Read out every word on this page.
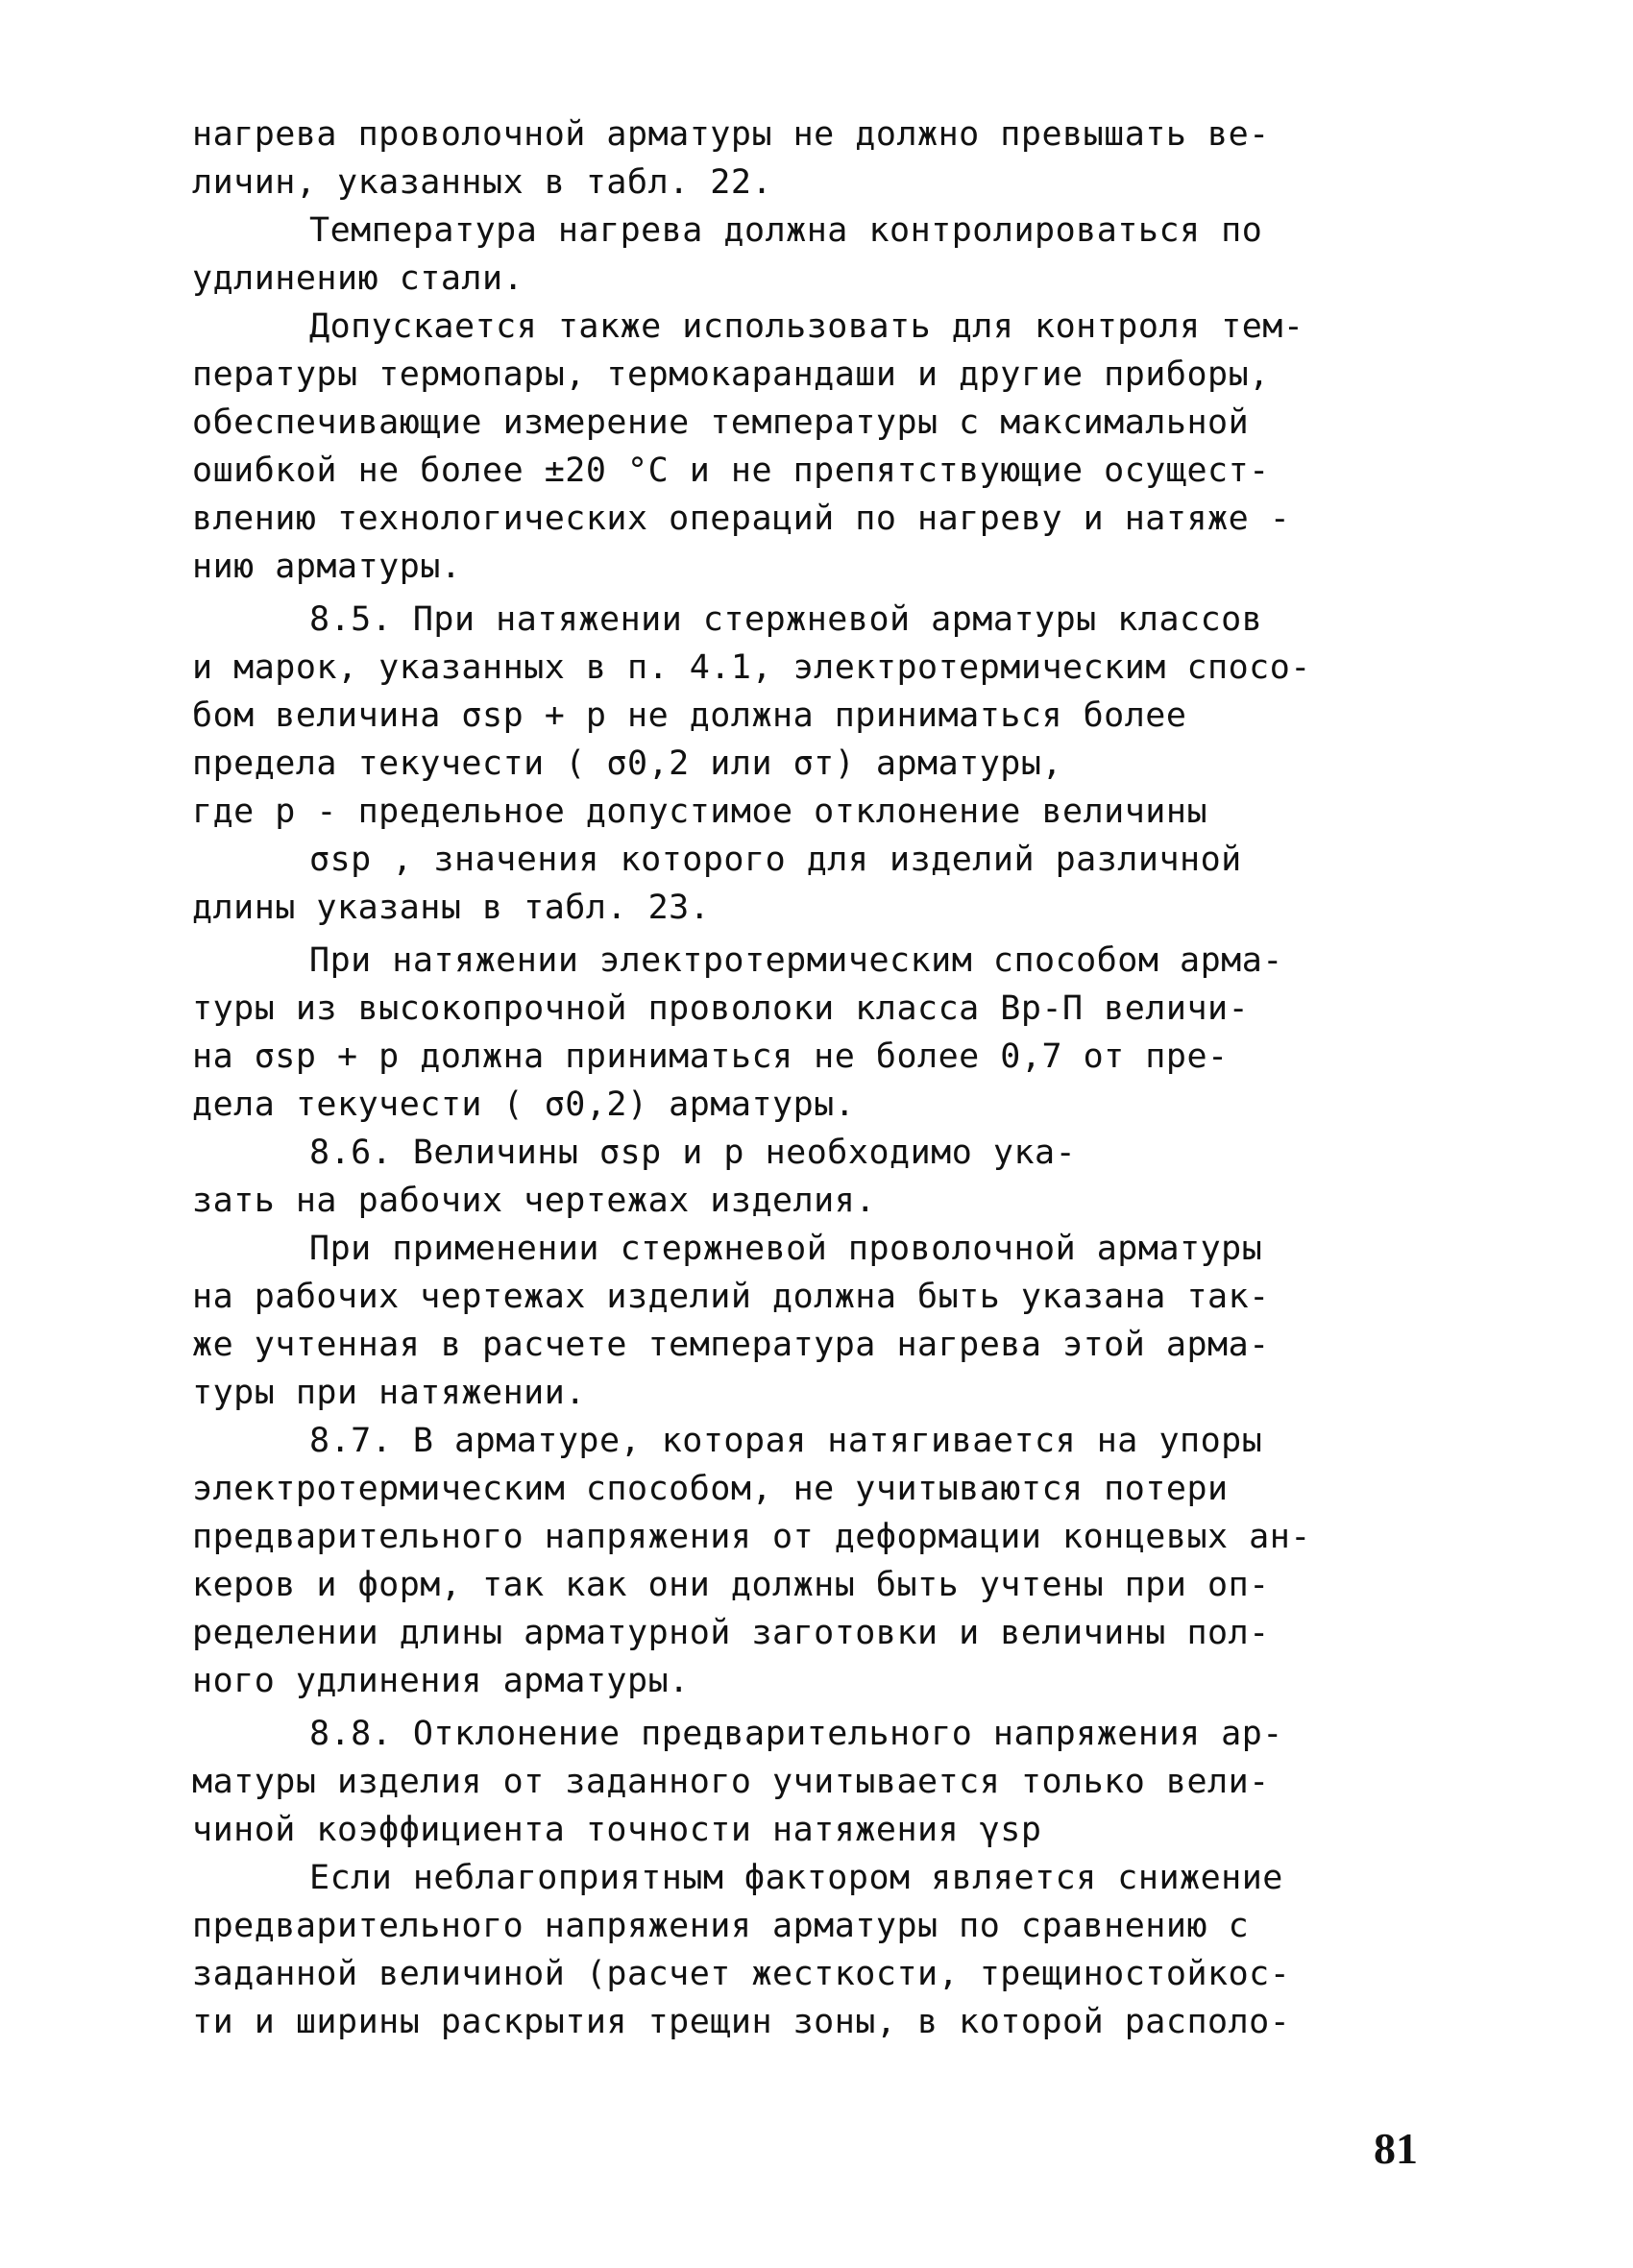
нагрева проволочной арматуры не должно превышать ве-
личин, указанных в табл. 22.
Температура нагрева должна контролироваться по
удлинению стали.
Допускается также использовать для контроля тем-
пературы термопары, термокарандаши и другие приборы,
обеспечивающие измерение температуры с максимальной
ошибкой не более ±20 °С и не препятствующие осущест-
влению технологических операций по нагреву и натяже -
нию арматуры.
8.5. При натяжении стержневой арматуры классов
и марок, указанных в п. 4.1, электротермическим спосо-
бом величина σsp + p не должна приниматься более
предела текучести ( σ0,2 или σт) арматуры,
где р - предельное допустимое отклонение величины
σsp , значения которого для изделий различной
длины указаны в табл. 23.
При натяжении электротермическим способом арма-
туры из высокопрочной проволоки класса Вр-П величи-
на σsp + р должна приниматься не более 0,7 от пре-
дела текучести ( σ0,2) арматуры.
8.6. Величины σsp и р необходимо ука-
зать на рабочих чертежах изделия.
При применении стержневой проволочной арматуры
на рабочих чертежах изделий должна быть указана так-
же учтенная в расчете температура нагрева этой арма-
туры при натяжении.
8.7. В арматуре, которая натягивается на упоры
электротермическим способом, не учитываются потери
предварительного напряжения от деформации концевых ан-
керов и форм, так как они должны быть учтены при оп-
ределении длины арматурной заготовки и величины пол-
ного удлинения арматуры.
8.8. Отклонение предварительного напряжения ар-
матуры изделия от заданного учитывается только вели-
чиной коэффициента точности натяжения γsp
Если неблагоприятным фактором является снижение
предварительного напряжения арматуры по сравнению с
заданной величиной (расчет жесткости, трещиностойкос-
ти и ширины раскрытия трещин зоны, в которой располо-
81
